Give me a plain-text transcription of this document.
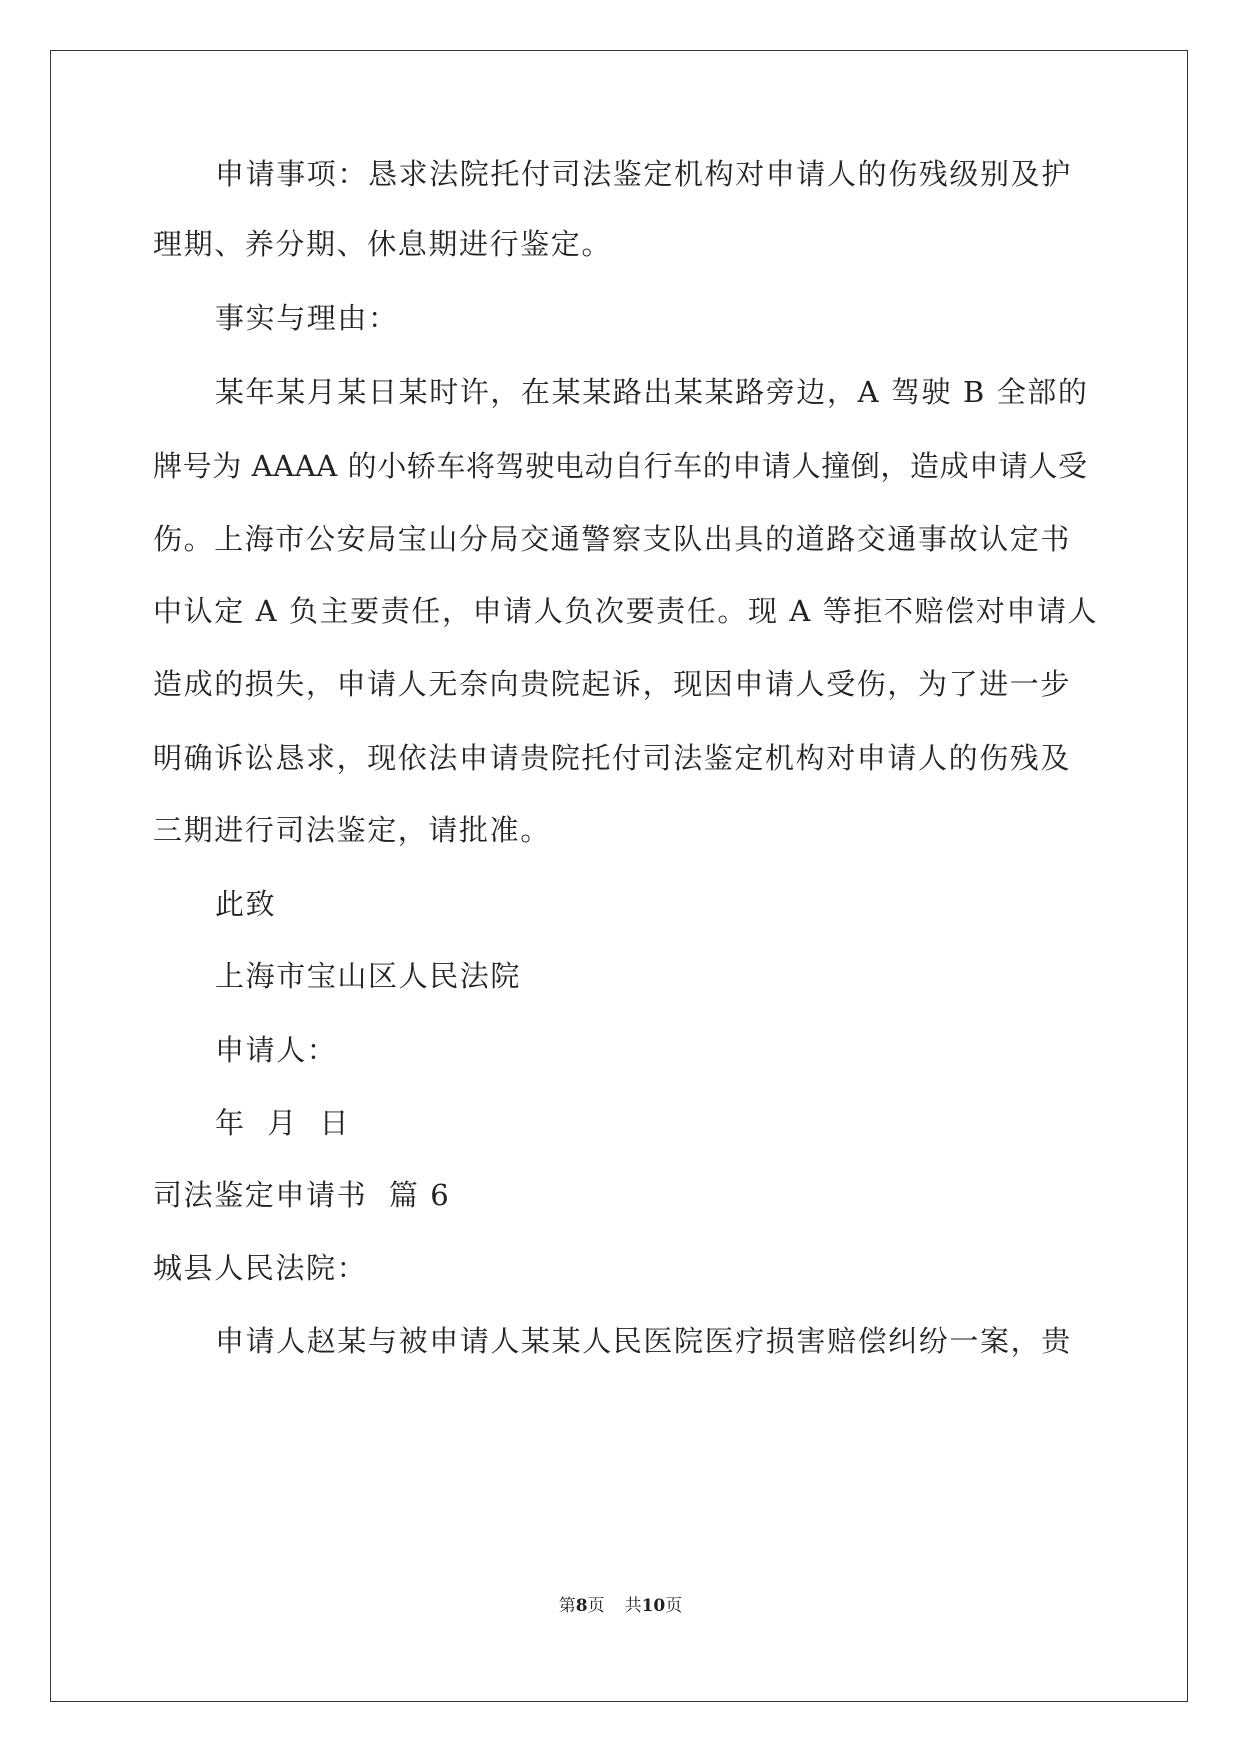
申请事项：恳求法院托付司法鉴定机构对申请人的伤残级别及护
理期、养分期、休息期进行鉴定。
事实与理由：
某年某月某日某时许，在某某路出某某路旁边，A 驾驶 B 全部的
牌号为 AAAA 的小轿车将驾驶电动自行车的申请人撞倒，造成申请人受
伤。上海市公安局宝山分局交通警察支队出具的道路交通事故认定书
中认定 A 负主要责任，申请人负次要责任。现 A 等拒不赔偿对申请人
造成的损失，申请人无奈向贵院起诉，现因申请人受伤，为了进一步
明确诉讼恳求，现依法申请贵院托付司法鉴定机构对申请人的伤残及
三期进行司法鉴定，请批准。
此致
上海市宝山区人民法院
申请人：
年  月  日
司法鉴定申请书  篇 6
城县人民法院：
申请人赵某与被申请人某某人民医院医疗损害赔偿纠纷一案，贵
第8页 共10页
